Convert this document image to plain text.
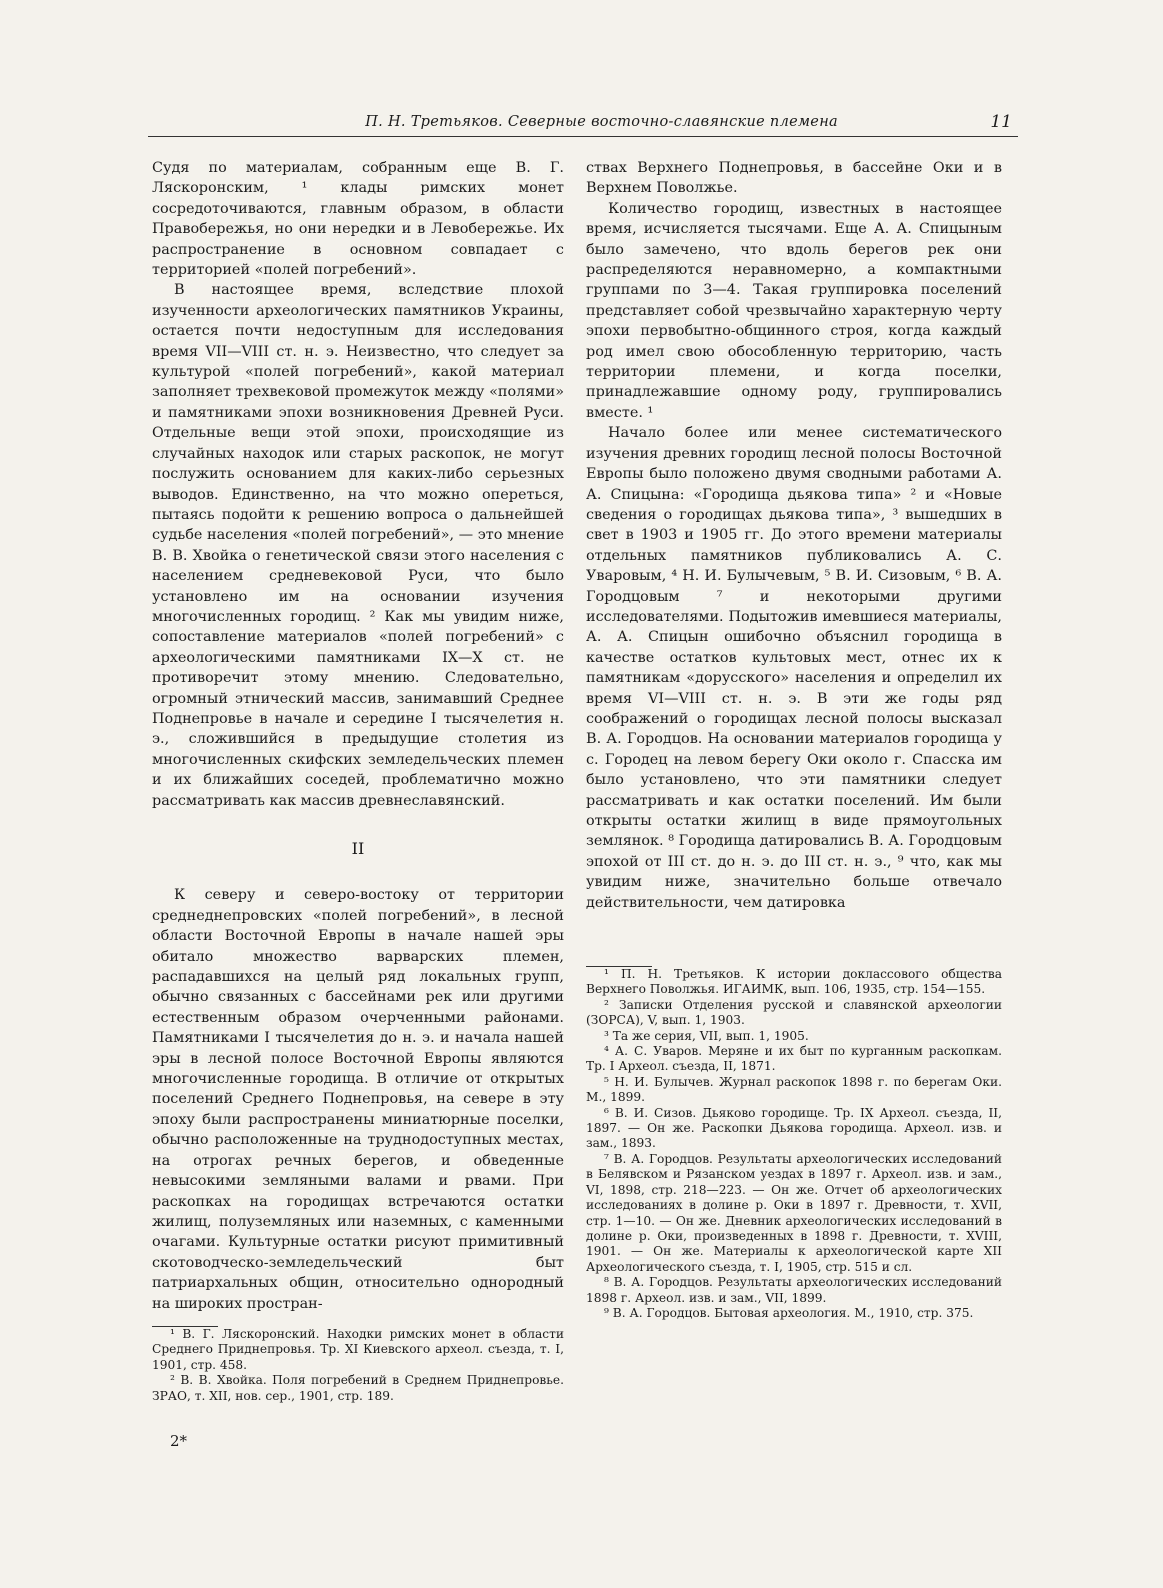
П. Н. Третьяков. Северные восточно-славянские племена	11

Судя по материалам, собранным еще В. Г. Ляскоронским, ¹ клады римских монет сосредоточиваются, главным образом, в области Правобережья, но они нередки и в Левобережье. Их распространение в основном совпадает с территорией «полей погребений».

В настоящее время, вследствие плохой изученности археологических памятников Украины, остается почти недоступным для исследования время VII—VIII ст. н. э. Неизвестно, что следует за культурой «полей погребений», какой материал заполняет трехвековой промежуток между «полями» и памятниками эпохи возникновения Древней Руси. Отдельные вещи этой эпохи, происходящие из случайных находок или старых раскопок, не могут послужить основанием для каких-либо серьезных выводов. Единственно, на что можно опереться, пытаясь подойти к решению вопроса о дальнейшей судьбе населения «полей погребений», — это мнение В. В. Хвойка о генетической связи этого населения с населением средневековой Руси, что было установлено им на основании изучения многочисленных городищ. ² Как мы увидим ниже, сопоставление материалов «полей погребений» с археологическими памятниками IX—X ст. не противоречит этому мнению. Следовательно, огромный этнический массив, занимавший Среднее Поднепровье в начале и середине I тысячелетия н. э., сложившийся в предыдущие столетия из многочисленных скифских земледельческих племен и их ближайших соседей, проблематично можно рассматривать как массив древнеславянский.

II

К северу и северо-востоку от территории среднеднепровских «полей погребений», в лесной области Восточной Европы в начале нашей эры обитало множество варварских племен, распадавшихся на целый ряд локальных групп, обычно связанных с бассейнами рек или другими естественным образом очерченными районами. Памятниками I тысячелетия до н. э. и начала нашей эры в лесной полосе Восточной Европы являются многочисленные городища. В отличие от открытых поселений Среднего Поднепровья, на севере в эту эпоху были распространены миниатюрные поселки, обычно расположенные на труднодоступных местах, на отрогах речных берегов, и обведенные невысокими земляными валами и рвами. При раскопках на городищах встречаются остатки жилищ, полуземляных или наземных, с каменными очагами. Культурные остатки рисуют примитивный скотоводческо-земледельческий быт патриархальных общин, относительно однородный на широких простран-

¹ В. Г. Ляскоронский. Находки римских монет в области Среднего Приднепровья. Тр. XI Киевского археол. съезда, т. I, 1901, стр. 458.

² В. В. Хвойка. Поля погребений в Среднем Приднепровье. ЗРАО, т. XII, нов. сер., 1901, стр. 189.

2*

ствах Верхнего Поднепровья, в бассейне Оки и в Верхнем Поволжье.

Количество городищ, известных в настоящее время, исчисляется тысячами. Еще А. А. Спицыным было замечено, что вдоль берегов рек они распределяются неравномерно, а компактными группами по 3—4. Такая группировка поселений представляет собой чрезвычайно характерную черту эпохи первобытно-общинного строя, когда каждый род имел свою обособленную территорию, часть территории племени, и когда поселки, принадлежавшие одному роду, группировались вместе. ¹

Начало более или менее систематического изучения древних городищ лесной полосы Восточной Европы было положено двумя сводными работами А. А. Спицына: «Городища дьякова типа» ² и «Новые сведения о городищах дьякова типа», ³ вышедших в свет в 1903 и 1905 гг. До этого времени материалы отдельных памятников публиковались А. С. Уваровым, ⁴ Н. И. Булычевым, ⁵ В. И. Сизовым, ⁶ В. А. Городцовым ⁷ и некоторыми другими исследователями. Подытожив имевшиеся материалы, А. А. Спицын ошибочно объяснил городища в качестве остатков культовых мест, отнес их к памятникам «дорусского» населения и определил их время VI—VIII ст. н. э. В эти же годы ряд соображений о городищах лесной полосы высказал В. А. Городцов. На основании материалов городища у с. Городец на левом берегу Оки около г. Спасска им было установлено, что эти памятники следует рассматривать и как остатки поселений. Им были открыты остатки жилищ в виде прямоугольных землянок. ⁸ Городища датировались В. А. Городцовым эпохой от III ст. до н. э. до III ст. н. э., ⁹ что, как мы увидим ниже, значительно больше отвечало действительности, чем датировка

¹ П. Н. Третьяков. К истории доклассового общества Верхнего Поволжья. ИГАИМК, вып. 106, 1935, стр. 154—155.

² Записки Отделения русской и славянской археологии (ЗОРСА), V, вып. 1, 1903.

³ Та же серия, VII, вып. 1, 1905.

⁴ А. С. Уваров. Меряне и их быт по курганным раскопкам. Тр. I Археол. съезда, II, 1871.

⁵ Н. И. Булычев. Журнал раскопок 1898 г. по берегам Оки. М., 1899.

⁶ В. И. Сизов. Дьяково городище. Тр. IX Археол. съезда, II, 1897. — Он же. Раскопки Дьякова городища. Археол. изв. и зам., 1893.

⁷ В. А. Городцов. Результаты археологических исследований в Белявском и Рязанском уездах в 1897 г. Археол. изв. и зам., VI, 1898, стр. 218—223. — Он же. Отчет об археологических исследованиях в долине р. Оки в 1897 г. Древности, т. XVII, стр. 1—10. — Он же. Дневник археологических исследований в долине р. Оки, произведенных в 1898 г. Древности, т. XVIII, 1901. — Он же. Материалы к археологической карте XII Археологического съезда, т. I, 1905, стр. 515 и сл.

⁸ В. А. Городцов. Результаты археологических исследований 1898 г. Археол. изв. и зам., VII, 1899.

⁹ В. А. Городцов. Бытовая археология. М., 1910, стр. 375.
